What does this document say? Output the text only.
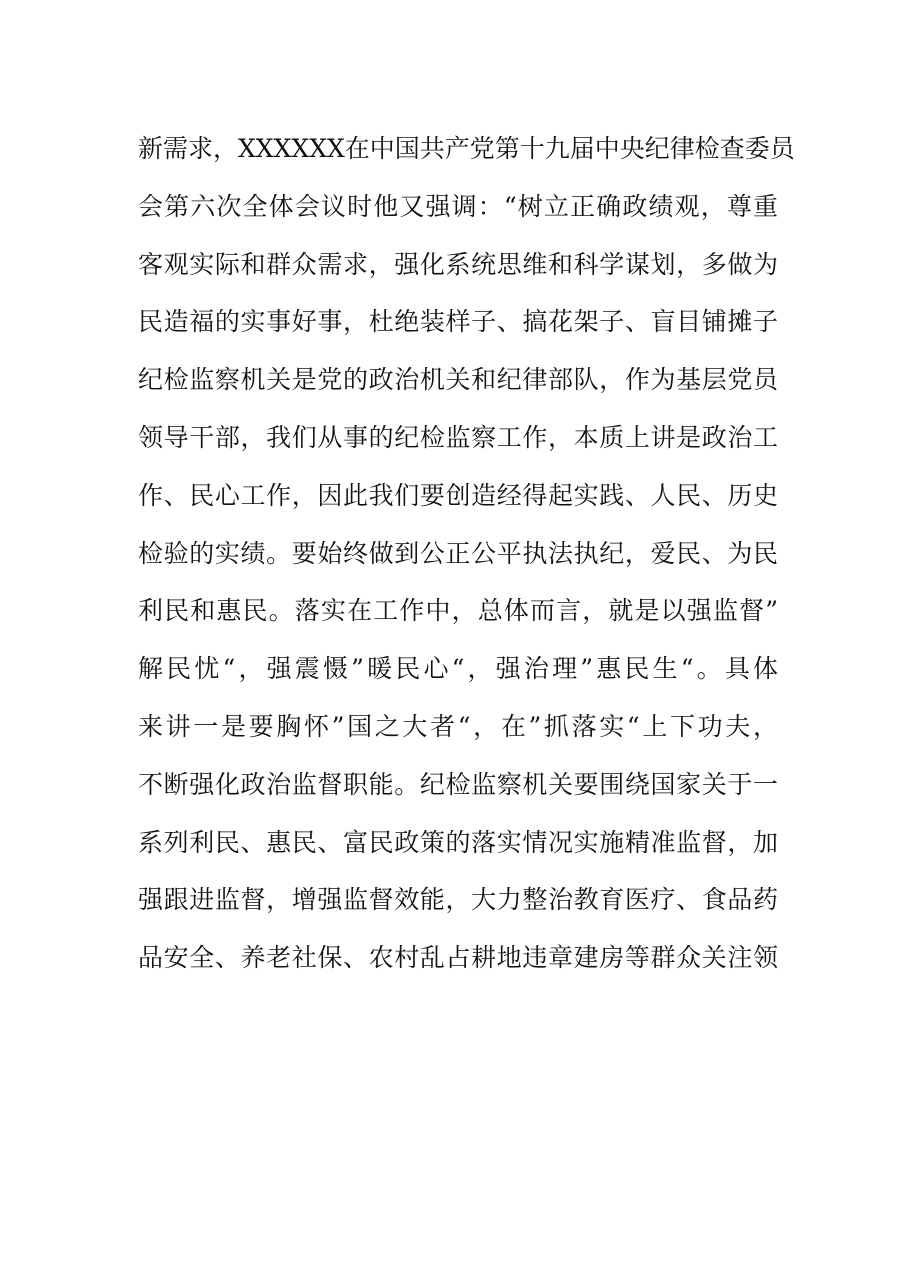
新需求，XXXXXX在中国共产党第十九届中央纪律检查委员
会第六次全体会议时他又强调：“树立正确政绩观，尊重
客观实际和群众需求，强化系统思维和科学谋划，多做为
民造福的实事好事，杜绝装样子、搞花架子、盲目铺摊子
纪检监察机关是党的政治机关和纪律部队，作为基层党员
领导干部，我们从事的纪检监察工作，本质上讲是政治工
作、民心工作，因此我们要创造经得起实践、人民、历史
检验的实绩。要始终做到公正公平执法执纪，爱民、为民
利民和惠民。落实在工作中，总体而言，就是以强监督”
解民忧“，强震慑”暖民心“，强治理”惠民生“。具体
来讲一是要胸怀”国之大者“，在”抓落实“上下功夫，
不断强化政治监督职能。纪检监察机关要围绕国家关于一
系列利民、惠民、富民政策的落实情况实施精准监督，加
强跟进监督，增强监督效能，大力整治教育医疗、食品药
品安全、养老社保、农村乱占耕地违章建房等群众关注领
